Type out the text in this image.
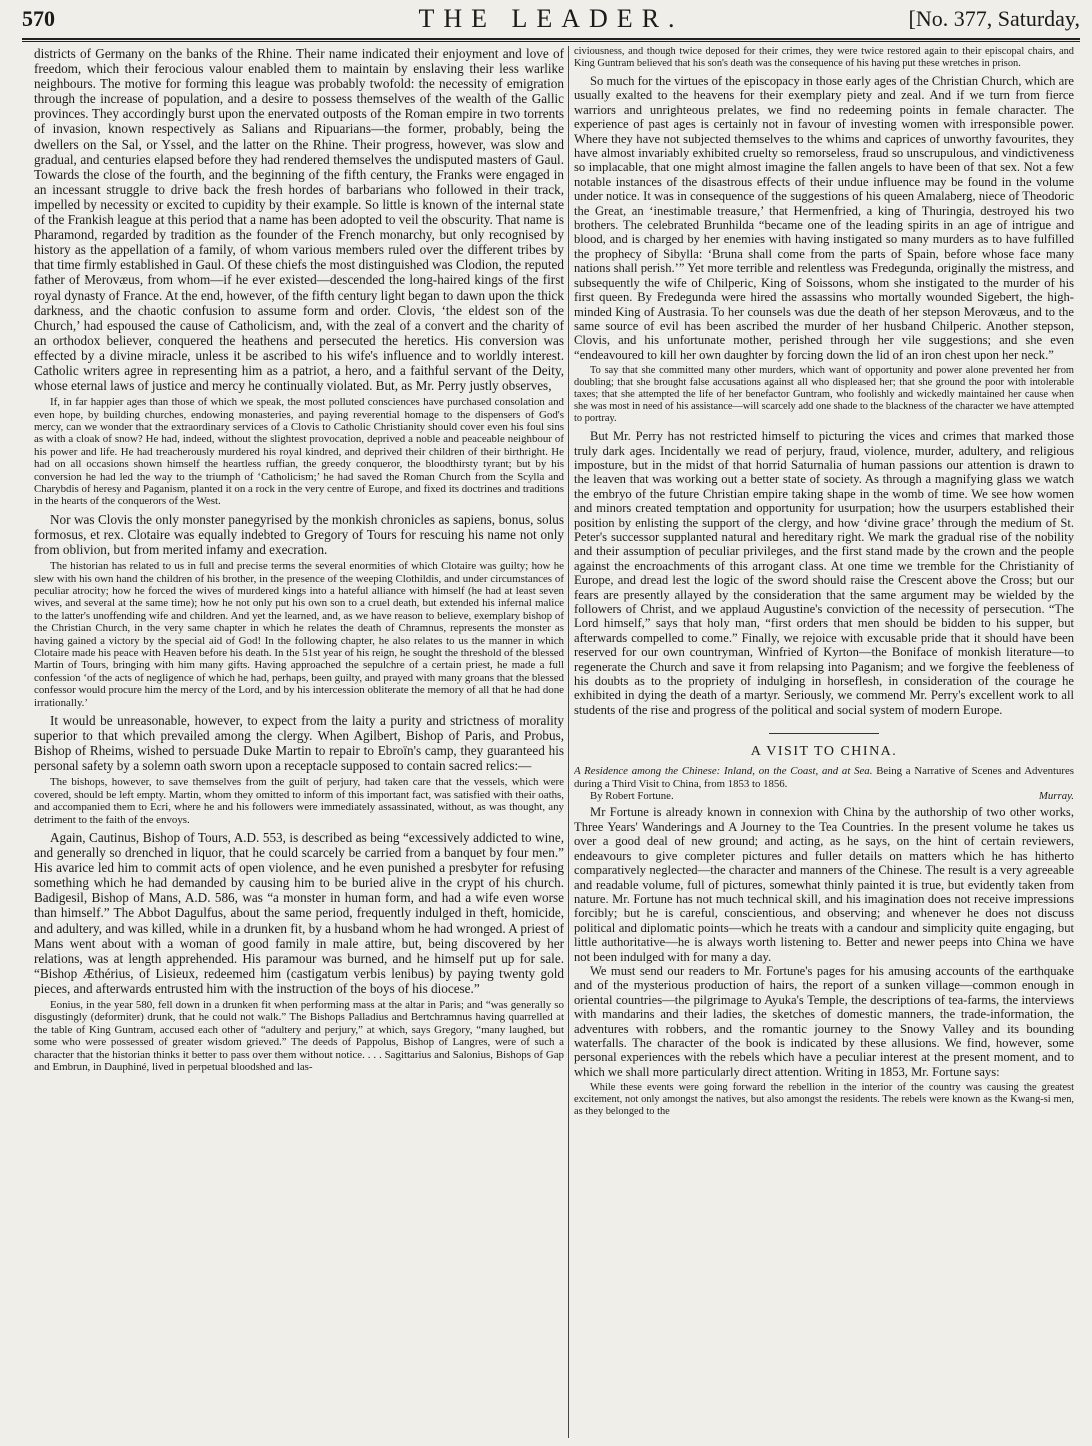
570	THE LEADER.	[No. 377, Saturday,

districts of Germany on the banks of the Rhine. Their name indicated their enjoyment and love of freedom, which their ferocious valour enabled them to maintain by enslaving their less warlike neighbours. The motive for forming this league was probably twofold: the necessity of emigration through the increase of population, and a desire to possess themselves of the wealth of the Gallic provinces. They accordingly burst upon the enervated outposts of the Roman empire in two torrents of invasion, known respectively as Salians and Ripuarians—the former, probably, being the dwellers on the Sal, or Yssel, and the latter on the Rhine. Their progress, however, was slow and gradual, and centuries elapsed before they had rendered themselves the undisputed masters of Gaul. Towards the close of the fourth, and the beginning of the fifth century, the Franks were engaged in an incessant struggle to drive back the fresh hordes of barbarians who followed in their track, impelled by necessity or excited to cupidity by their example. So little is known of the internal state of the Frankish league at this period that a name has been adopted to veil the obscurity. That name is Pharamond, regarded by tradition as the founder of the French monarchy, but only recognised by history as the appellation of a family, of whom various members ruled over the different tribes by that time firmly established in Gaul. Of these chiefs the most distinguished was Clodion, the reputed father of Merovæus, from whom—if he ever existed—descended the long-haired kings of the first royal dynasty of France. At the end, however, of the fifth century light began to dawn upon the thick darkness, and the chaotic confusion to assume form and order. Clovis, ‘the eldest son of the Church,’ had espoused the cause of Catholicism, and, with the zeal of a convert and the charity of an orthodox believer, conquered the heathens and persecuted the heretics. His conversion was effected by a divine miracle, unless it be ascribed to his wife's influence and to worldly interest. Catholic writers agree in representing him as a patriot, a hero, and a faithful servant of the Deity, whose eternal laws of justice and mercy he continually violated. But, as Mr. Perry justly observes,

If, in far happier ages than those of which we speak, the most polluted consciences have purchased consolation and even hope, by building churches, endowing monasteries, and paying reverential homage to the dispensers of God's mercy, can we wonder that the extraordinary services of a Clovis to Catholic Christianity should cover even his foul sins as with a cloak of snow? He had, indeed, without the slightest provocation, deprived a noble and peaceable neighbour of his power and life. He had treacherously murdered his royal kindred, and deprived their children of their birthright. He had on all occasions shown himself the heartless ruffian, the greedy conqueror, the bloodthirsty tyrant; but by his conversion he had led the way to the triumph of ‘Catholicism;’ he had saved the Roman Church from the Scylla and Charybdis of heresy and Paganism, planted it on a rock in the very centre of Europe, and fixed its doctrines and traditions in the hearts of the conquerors of the West.

Nor was Clovis the only monster panegyrised by the monkish chronicles as sapiens, bonus, solus formosus, et rex. Clotaire was equally indebted to Gregory of Tours for rescuing his name not only from oblivion, but from merited infamy and execration.

The historian has related to us in full and precise terms the several enormities of which Clotaire was guilty; how he slew with his own hand the children of his brother, in the presence of the weeping Clothildis, and under circumstances of peculiar atrocity; how he forced the wives of murdered kings into a hateful alliance with himself (he had at least seven wives, and several at the same time); how he not only put his own son to a cruel death, but extended his infernal malice to the latter's unoffending wife and children. And yet the learned, and, as we have reason to believe, exemplary bishop of the Christian Church, in the very same chapter in which he relates the death of Chramnus, represents the monster as having gained a victory by the special aid of God! In the following chapter, he also relates to us the manner in which Clotaire made his peace with Heaven before his death. In the 51st year of his reign, he sought the threshold of the blessed Martin of Tours, bringing with him many gifts. Having approached the sepulchre of a certain priest, he made a full confession ‘of the acts of negligence of which he had, perhaps, been guilty, and prayed with many groans that the blessed confessor would procure him the mercy of the Lord, and by his intercession obliterate the memory of all that he had done irrationally.’

It would be unreasonable, however, to expect from the laity a purity and strictness of morality superior to that which prevailed among the clergy. When Agilbert, Bishop of Paris, and Probus, Bishop of Rheims, wished to persuade Duke Martin to repair to Ebroïn's camp, they guaranteed his personal safety by a solemn oath sworn upon a receptacle supposed to contain sacred relics:—

The bishops, however, to save themselves from the guilt of perjury, had taken care that the vessels, which were covered, should be left empty. Martin, whom they omitted to inform of this important fact, was satisfied with their oaths, and accompanied them to Ecri, where he and his followers were immediately assassinated, without, as was thought, any detriment to the faith of the envoys.

Again, Cautinus, Bishop of Tours, A.D. 553, is described as being “excessively addicted to wine, and generally so drenched in liquor, that he could scarcely be carried from a banquet by four men.” His avarice led him to commit acts of open violence, and he even punished a presbyter for refusing something which he had demanded by causing him to be buried alive in the crypt of his church. Badigesil, Bishop of Mans, A.D. 586, was “a monster in human form, and had a wife even worse than himself.” The Abbot Dagulfus, about the same period, frequently indulged in theft, homicide, and adultery, and was killed, while in a drunken fit, by a husband whom he had wronged. A priest of Mans went about with a woman of good family in male attire, but, being discovered by her relations, was at length apprehended. His paramour was burned, and he himself put up for sale. “Bishop Æthérius, of Lisieux, redeemed him (castigatum verbis lenibus) by paying twenty gold pieces, and afterwards entrusted him with the instruction of the boys of his diocese.”

Eonius, in the year 580, fell down in a drunken fit when performing mass at the altar in Paris; and “was generally so disgustingly (deformiter) drunk, that he could not walk.” The Bishops Palladius and Bertchramnus having quarrelled at the table of King Guntram, accused each other of “adultery and perjury,” at which, says Gregory, “many laughed, but some who were possessed of greater wisdom grieved.” The deeds of Pappolus, Bishop of Langres, were of such a character that the historian thinks it better to pass over them without notice. . . . Sagittarius and Salonius, Bishops of Gap and Embrun, in Dauphiné, lived in perpetual bloodshed and las-

civiousness, and though twice deposed for their crimes, they were twice restored again to their episcopal chairs, and King Guntram believed that his son's death was the consequence of his having put these wretches in prison.

So much for the virtues of the episcopacy in those early ages of the Christian Church, which are usually exalted to the heavens for their exemplary piety and zeal. And if we turn from fierce warriors and unrighteous prelates, we find no redeeming points in female character. The experience of past ages is certainly not in favour of investing women with irresponsible power. Where they have not subjected themselves to the whims and caprices of unworthy favourites, they have almost invariably exhibited cruelty so remorseless, fraud so unscrupulous, and vindictiveness so implacable, that one might almost imagine the fallen angels to have been of that sex. Not a few notable instances of the disastrous effects of their undue influence may be found in the volume under notice. It was in consequence of the suggestions of his queen Amalaberg, niece of Theodoric the Great, an ‘inestimable treasure,’ that Hermenfried, a king of Thuringia, destroyed his two brothers. The celebrated Brunhilda “became one of the leading spirits in an age of intrigue and blood, and is charged by her enemies with having instigated so many murders as to have fulfilled the prophecy of Sibylla: ‘Bruna shall come from the parts of Spain, before whose face many nations shall perish.’” Yet more terrible and relentless was Fredegunda, originally the mistress, and subsequently the wife of Chilperic, King of Soissons, whom she instigated to the murder of his first queen. By Fredegunda were hired the assassins who mortally wounded Sigebert, the high-minded King of Austrasia. To her counsels was due the death of her stepson Merovæus, and to the same source of evil has been ascribed the murder of her husband Chilperic. Another stepson, Clovis, and his unfortunate mother, perished through her vile suggestions; and she even “endeavoured to kill her own daughter by forcing down the lid of an iron chest upon her neck.”

To say that she committed many other murders, which want of opportunity and power alone prevented her from doubling; that she brought false accusations against all who displeased her; that she ground the poor with intolerable taxes; that she attempted the life of her benefactor Guntram, who foolishly and wickedly maintained her cause when she was most in need of his assistance—will scarcely add one shade to the blackness of the character we have attempted to portray.

But Mr. Perry has not restricted himself to picturing the vices and crimes that marked those truly dark ages. Incidentally we read of perjury, fraud, violence, murder, adultery, and religious imposture, but in the midst of that horrid Saturnalia of human passions our attention is drawn to the leaven that was working out a better state of society. As through a magnifying glass we watch the embryo of the future Christian empire taking shape in the womb of time. We see how women and minors created temptation and opportunity for usurpation; how the usurpers established their position by enlisting the support of the clergy, and how ‘divine grace’ through the medium of St. Peter's successor supplanted natural and hereditary right. We mark the gradual rise of the nobility and their assumption of peculiar privileges, and the first stand made by the crown and the people against the encroachments of this arrogant class. At one time we tremble for the Christianity of Europe, and dread lest the logic of the sword should raise the Crescent above the Cross; but our fears are presently allayed by the consideration that the same argument may be wielded by the followers of Christ, and we applaud Augustine's conviction of the necessity of persecution. “The Lord himself,” says that holy man, “first orders that men should be bidden to his supper, but afterwards compelled to come.” Finally, we rejoice with excusable pride that it should have been reserved for our own countryman, Winfried of Kyrton—the Boniface of monkish literature—to regenerate the Church and save it from relapsing into Paganism; and we forgive the feebleness of his doubts as to the propriety of indulging in horseflesh, in consideration of the courage he exhibited in dying the death of a martyr. Seriously, we commend Mr. Perry's excellent work to all students of the rise and progress of the political and social system of modern Europe.

A VISIT TO CHINA.

A Residence among the Chinese: Inland, on the Coast, and at Sea. Being a Narrative of Scenes and Adventures during a Third Visit to China, from 1853 to 1856.
By Robert Fortune.	Murray.

Mr Fortune is already known in connexion with China by the authorship of two other works, Three Years' Wanderings and A Journey to the Tea Countries. In the present volume he takes us over a good deal of new ground; and acting, as he says, on the hint of certain reviewers, endeavours to give completer pictures and fuller details on matters which he has hitherto comparatively neglected—the character and manners of the Chinese. The result is a very agreeable and readable volume, full of pictures, somewhat thinly painted it is true, but evidently taken from nature. Mr. Fortune has not much technical skill, and his imagination does not receive impressions forcibly; but he is careful, conscientious, and observing; and whenever he does not discuss political and diplomatic points—which he treats with a candour and simplicity quite engaging, but little authoritative—he is always worth listening to. Better and newer peeps into China we have not been indulged with for many a day.

We must send our readers to Mr. Fortune's pages for his amusing accounts of the earthquake and of the mysterious production of hairs, the report of a sunken village—common enough in oriental countries—the pilgrimage to Ayuka's Temple, the descriptions of tea-farms, the interviews with mandarins and their ladies, the sketches of domestic manners, the trade-information, the adventures with robbers, and the romantic journey to the Snowy Valley and its bounding waterfalls. The character of the book is indicated by these allusions. We find, however, some personal experiences with the rebels which have a peculiar interest at the present moment, and to which we shall more particularly direct attention. Writing in 1853, Mr. Fortune says:

While these events were going forward the rebellion in the interior of the country was causing the greatest excitement, not only amongst the natives, but also amongst the residents. The rebels were known as the Kwang-si men, as they belonged to the
